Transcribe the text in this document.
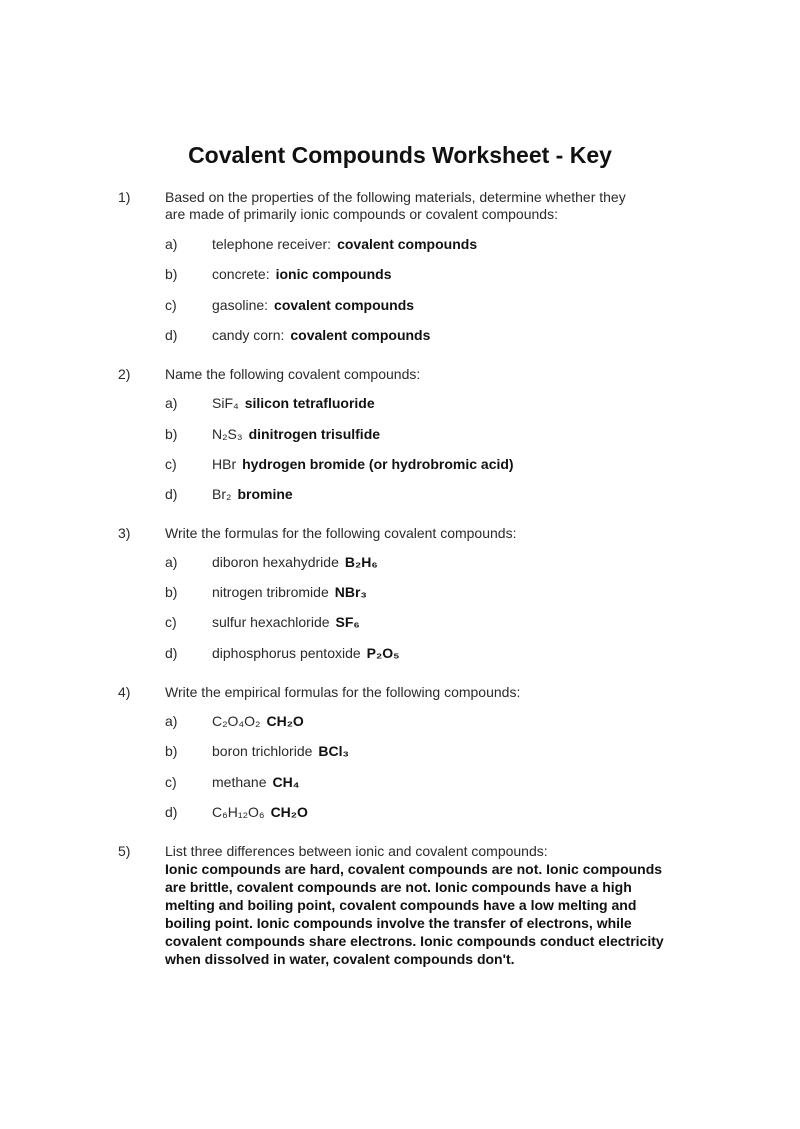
Covalent Compounds Worksheet - Key
1) Based on the properties of the following materials, determine whether they
are made of primarily ionic compounds or covalent compounds:
a) telephone receiver: covalent compounds
b) concrete: ionic compounds
c)	gasoline: covalent compounds
d) candy corn: covalent compounds
2) Name the following covalent compounds:
a) SiF₄ silicon tetrafluoride
b) N₂S₃ dinitrogen trisulfide
c)	HBr hydrogen bromide (or hydrobromic acid)
d) Br₂ bromine
3) Write the formulas for the following covalent compounds:
a) diboron hexahydride B₂H₆
b) nitrogen tribromide NBr₃
c)	sulfur hexachloride SF₆
d) diphosphorus pentoxide P₂O₅
4) Write the empirical formulas for the following compounds:
a) C₂O₄O₂ CH₂O
b) boron trichloride BCl₃
c)	methane CH₄
d) C₆H₁₂O₆ CH₂O
5) List three differences between ionic and covalent compounds:
Ionic compounds are hard, covalent compounds are not. Ionic compounds are brittle, covalent compounds are not. Ionic compounds have a high melting and boiling point, covalent compounds have a low melting and boiling point. Ionic compounds involve the transfer of electrons, while covalent compounds share electrons. Ionic compounds conduct electricity when dissolved in water, covalent compounds don't.
